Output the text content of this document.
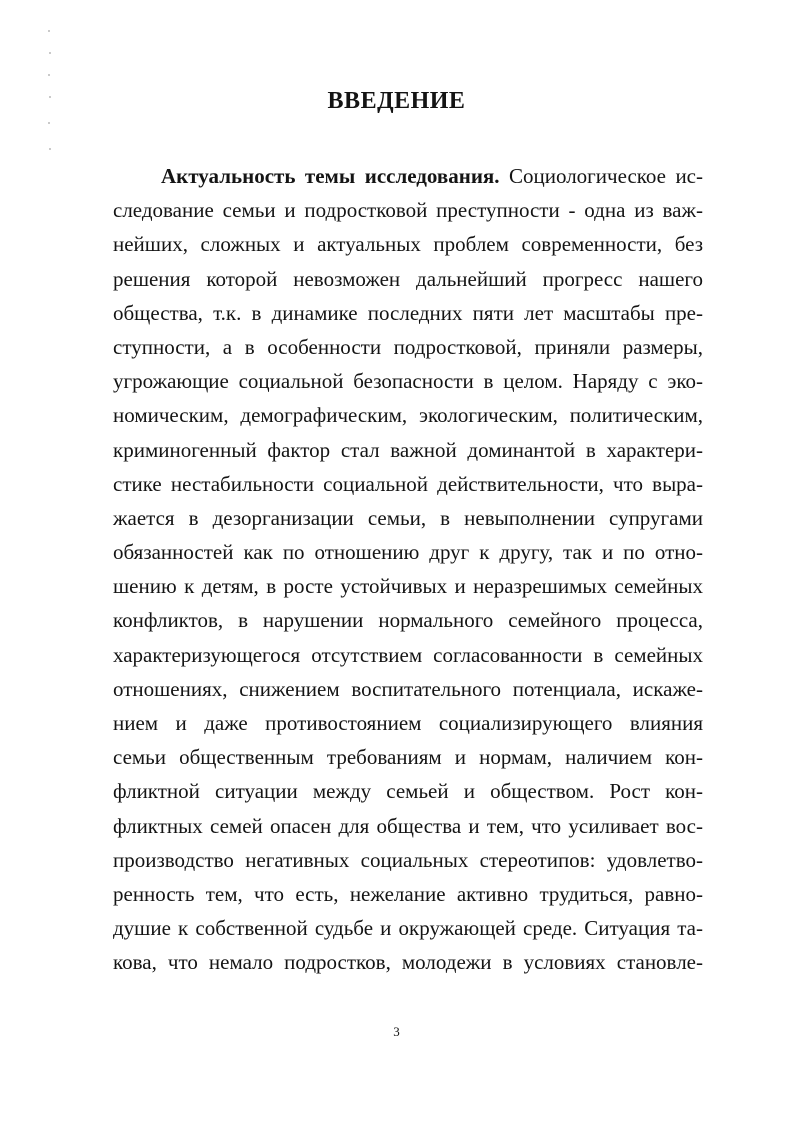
ВВЕДЕНИЕ
Актуальность темы исследования. Социологическое ис-
следование семьи и подростковой преступности - одна из важ-
нейших, сложных и актуальных проблем современности, без
решения которой невозможен дальнейший прогресс нашего
общества, т.к. в динамике последних пяти лет масштабы пре-
ступности, а в особенности подростковой, приняли размеры,
угрожающие социальной безопасности в целом. Наряду с эко-
номическим, демографическим, экологическим, политическим,
криминогенный фактор стал важной доминантой в характери-
стике нестабильности социальной действительности, что выра-
жается в дезорганизации семьи, в невыполнении супругами
обязанностей как по отношению друг к другу, так и по отно-
шению к детям, в росте устойчивых и неразрешимых семейных
конфликтов, в нарушении нормального семейного процесса,
характеризующегося отсутствием согласованности в семейных
отношениях, снижением воспитательного потенциала, искаже-
нием и даже противостоянием социализирующего влияния
семьи общественным требованиям и нормам, наличием кон-
фликтной ситуации между семьей и обществом. Рост кон-
фликтных семей опасен для общества и тем, что усиливает вос-
производство негативных социальных стереотипов: удовлетво-
ренность тем, что есть, нежелание активно трудиться, равно-
душие к собственной судьбе и окружающей среде. Ситуация та-
кова, что немало подростков, молодежи в условиях становле-

3
